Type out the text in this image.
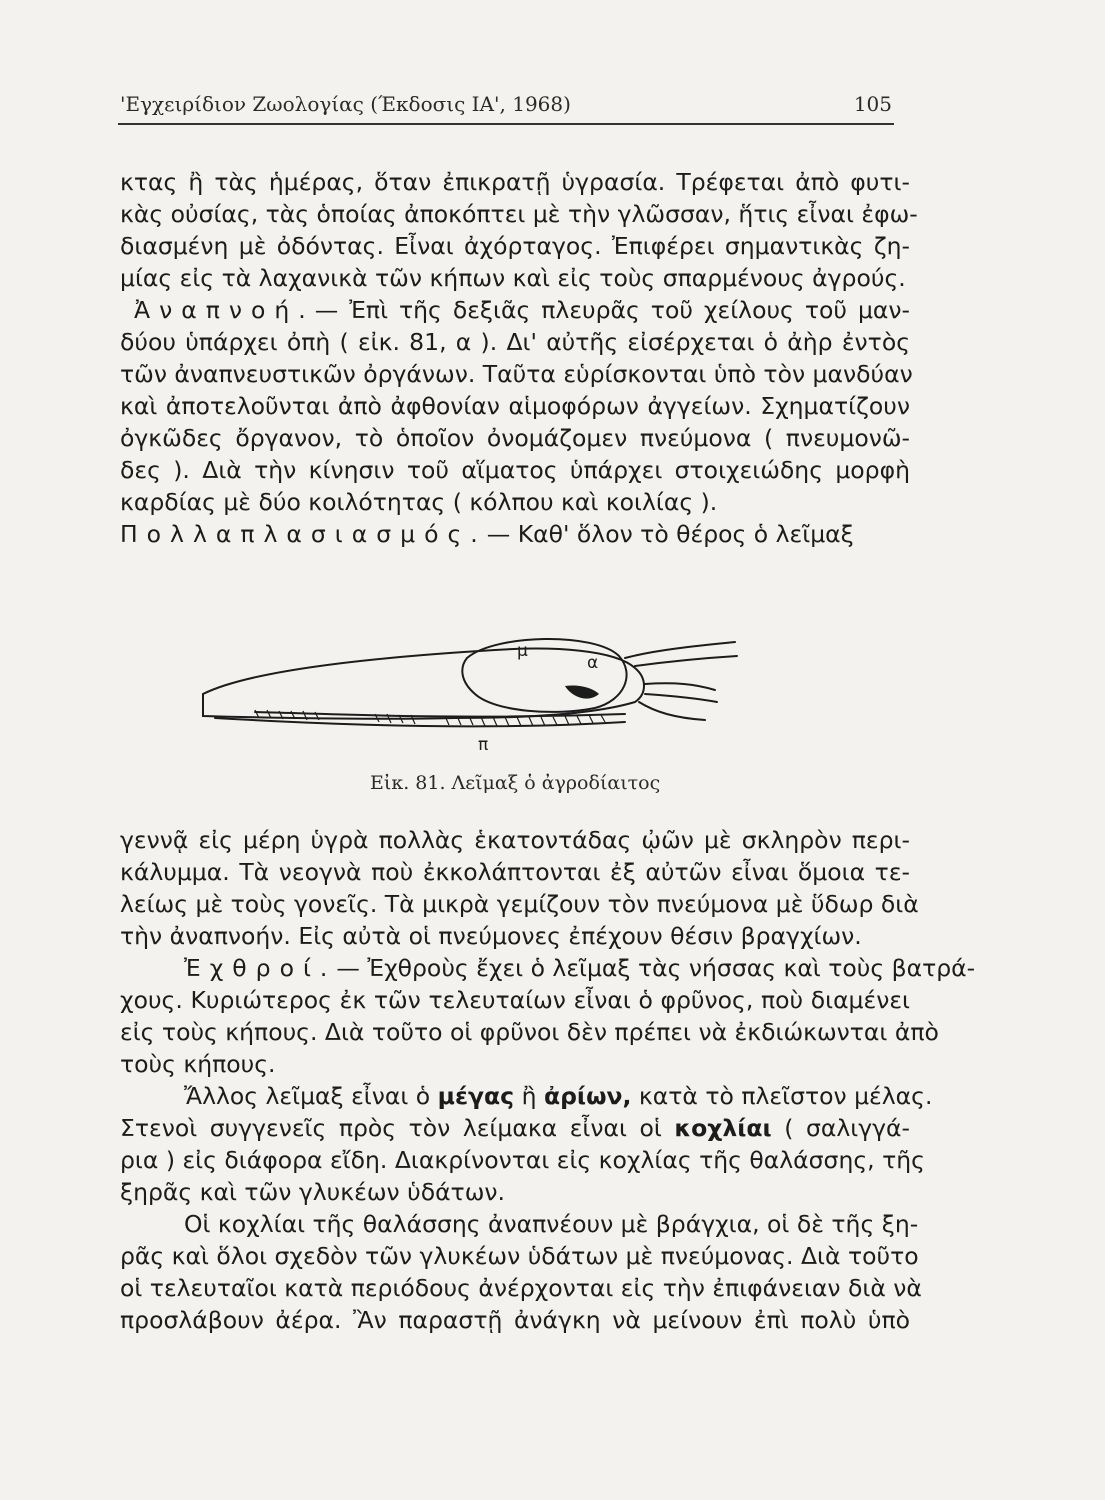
'Εγχειρίδιον Ζωολογίας (Έκδοσις ΙΑ', 1968)	105
κτας ἢ τὰς ἡμέρας, ὅταν ἐπικρατῇ ὑγρασία. Τρέφεται ἀπὸ φυτι-
κὰς οὐσίας, τὰς ὁποίας ἀποκόπτει μὲ τὴν γλῶσσαν, ἥτις εἶναι ἐφω-
διασμένη μὲ ὀδόντας. Εἶναι ἀχόρταγος. Ἐπιφέρει σημαντικὰς ζη-
μίας εἰς τὰ λαχανικὰ τῶν κήπων καὶ εἰς τοὺς σπαρμένους ἀγρούς.
Ἀναπνοή.— Ἐπὶ τῆς δεξιᾶς πλευρᾶς τοῦ χείλους τοῦ μαν-
δύου ὑπάρχει ὀπὴ ( εἰκ. 81, α ). Δι' αὐτῆς εἰσέρχεται ὁ ἀὴρ ἐντὸς
τῶν ἀναπνευστικῶν ὀργάνων. Ταῦτα εὑρίσκονται ὑπὸ τὸν μανδύαν
καὶ ἀποτελοῦνται ἀπὸ ἀφθονίαν αἱμοφόρων ἀγγείων. Σχηματίζουν
ὀγκῶδες ὄργανον, τὸ ὁποῖον ὀνομάζομεν πνεύμονα ( πνευμονῶ-
δες ). Διὰ τὴν κίνησιν τοῦ αἵματος ὑπάρχει στοιχειώδης μορφὴ
καρδίας μὲ δύο κοιλότητας ( κόλπου καὶ κοιλίας ).
Πολλαπλασιασμός.— Καθ' ὅλον τὸ θέρος ὁ λεῖμαξ
μ
α
π
Εἰκ. 81. Λεῖμαξ ὁ ἀγροδίαιτος
γεννᾷ εἰς μέρη ὑγρὰ πολλὰς ἑκατοντάδας ᾠῶν μὲ σκληρὸν περι-
κάλυμμα. Τὰ νεογνὰ ποὺ ἐκκολάπτονται ἐξ αὐτῶν εἶναι ὅμοια τε-
λείως μὲ τοὺς γονεῖς. Τὰ μικρὰ γεμίζουν τὸν πνεύμονα μὲ ὕδωρ διὰ
τὴν ἀναπνοήν. Εἰς αὐτὰ οἱ πνεύμονες ἐπέχουν θέσιν βραγχίων.
Ἐχθροί.— Ἐχθροὺς ἔχει ὁ λεῖμαξ τὰς νήσσας καὶ τοὺς βατρά-
χους. Κυριώτερος ἐκ τῶν τελευταίων εἶναι ὁ φρῦνος, ποὺ διαμένει
εἰς τοὺς κήπους. Διὰ τοῦτο οἱ φρῦνοι δὲν πρέπει νὰ ἐκδιώκωνται ἀπὸ
τοὺς κήπους.
Ἄλλος λεῖμαξ εἶναι ὁ μέγας ἢ ἀρίων, κατὰ τὸ πλεῖστον μέλας.
Στενοὶ συγγενεῖς πρὸς τὸν λείμακα εἶναι οἱ κοχλίαι ( σαλιγγά-
ρια ) εἰς διάφορα εἴδη. Διακρίνονται εἰς κοχλίας τῆς θαλάσσης, τῆς
ξηρᾶς καὶ τῶν γλυκέων ὑδάτων.
Οἱ κοχλίαι τῆς θαλάσσης ἀναπνέουν μὲ βράγχια, οἱ δὲ τῆς ξη-
ρᾶς καὶ ὅλοι σχεδὸν τῶν γλυκέων ὑδάτων μὲ πνεύμονας. Διὰ τοῦτο
οἱ τελευταῖοι κατὰ περιόδους ἀνέρχονται εἰς τὴν ἐπιφάνειαν διὰ νὰ
προσλάβουν ἀέρα. Ἂν παραστῇ ἀνάγκη νὰ μείνουν ἐπὶ πολὺ ὑπὸ
